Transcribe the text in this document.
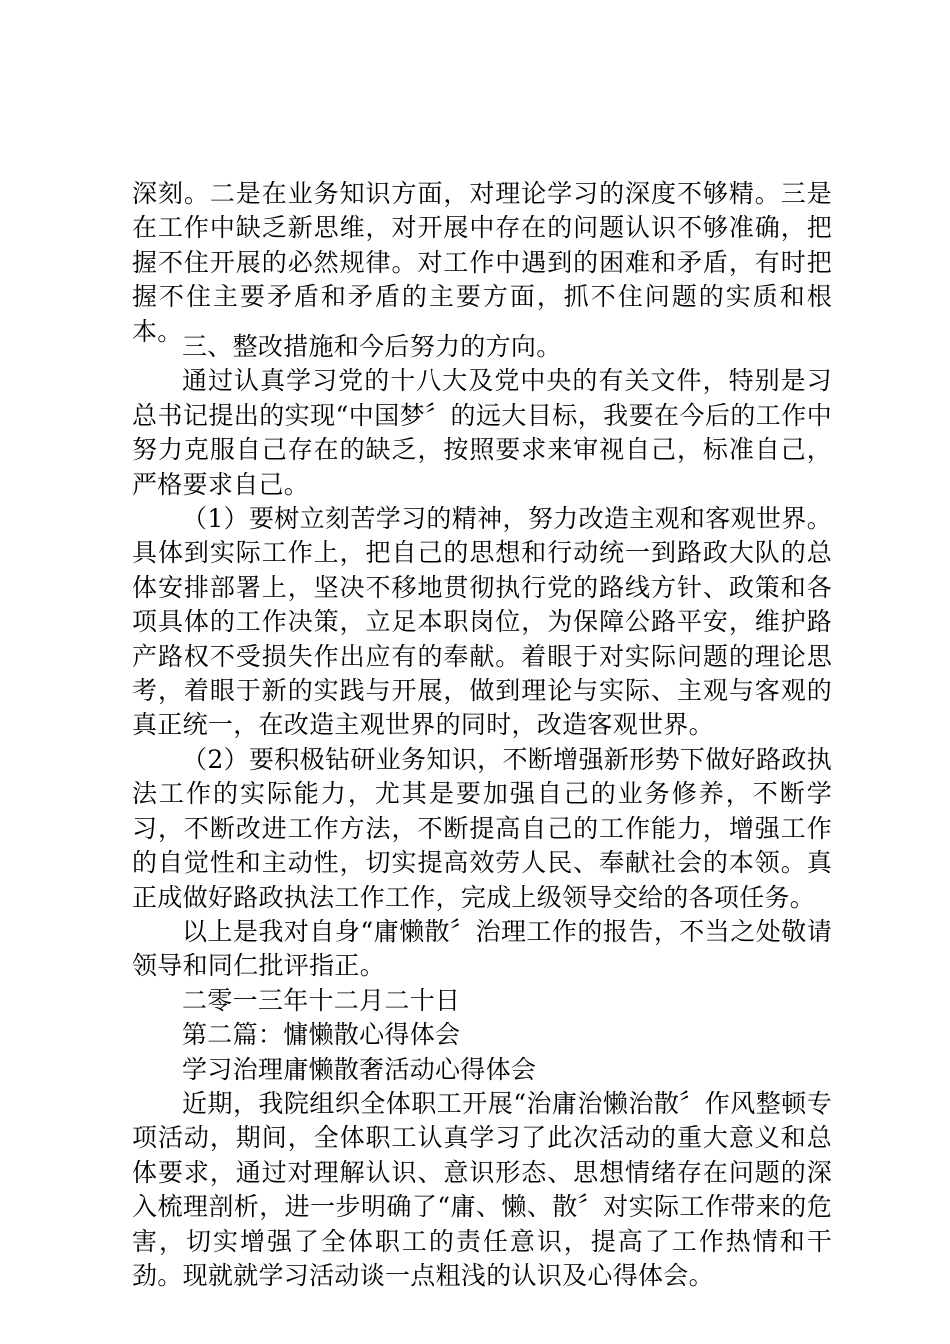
深刻。二是在业务知识方面，对理论学习的深度不够精。三是在工作中缺乏新思维，对开展中存在的问题认识不够准确，把握不住开展的必然规律。对工作中遇到的困难和矛盾，有时把握不住主要矛盾和矛盾的主要方面，抓不住问题的实质和根本。

三、整改措施和今后努力的方向。

通过认真学习党的十八大及党中央的有关文件，特别是习总书记提出的实现“中国梦〞的远大目标，我要在今后的工作中努力克服自己存在的缺乏，按照要求来审视自己，标准自己，严格要求自己。

（1）要树立刻苦学习的精神，努力改造主观和客观世界。具体到实际工作上，把自己的思想和行动统一到路政大队的总体安排部署上，坚决不移地贯彻执行党的路线方针、政策和各项具体的工作决策，立足本职岗位，为保障公路平安，维护路产路权不受损失作出应有的奉献。着眼于对实际问题的理论思考，着眼于新的实践与开展，做到理论与实际、主观与客观的真正统一，在改造主观世界的同时，改造客观世界。

（2）要积极钻研业务知识，不断增强新形势下做好路政执法工作的实际能力，尤其是要加强自己的业务修养，不断学习，不断改进工作方法，不断提高自己的工作能力，增强工作的自觉性和主动性，切实提高效劳人民、奉献社会的本领。真正成做好路政执法工作工作，完成上级领导交给的各项任务。

以上是我对自身“庸懒散〞治理工作的报告，不当之处敬请领导和同仁批评指正。

二零一三年十二月二十日

第二篇：慵懒散心得体会

学习治理庸懒散奢活动心得体会

近期，我院组织全体职工开展“治庸治懒治散〞作风整顿专项活动，期间，全体职工认真学习了此次活动的重大意义和总体要求，通过对理解认识、意识形态、思想情绪存在问题的深入梳理剖析，进一步明确了“庸、懒、散〞对实际工作带来的危害，切实增强了全体职工的责任意识，提高了工作热情和干劲。现就就学习活动谈一点粗浅的认识及心得体会。
